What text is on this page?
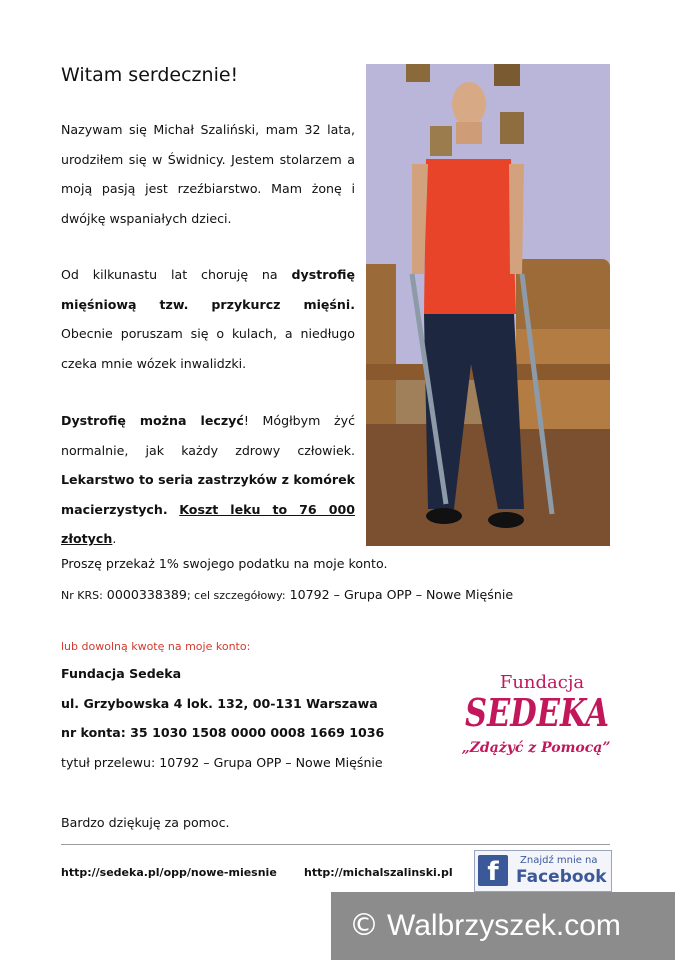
Witam serdecznie!
Nazywam się Michał Szaliński, mam 32 lata, urodziłem się w Świdnicy. Jestem stolarzem a moją pasją jest rzeźbiarstwo. Mam żonę i dwójkę wspaniałych dzieci.
Od kilkunastu lat choruję na dystrofię mięśniową tzw. przykurcz mięśni. Obecnie poruszam się o kulach, a niedługo czeka mnie wózek inwalidzki.
Dystrofię można leczyć! Mógłbym żyć normalnie, jak każdy zdrowy człowiek. Lekarstwo to seria zastrzyków z komórek macierzystych. Koszt leku to 76 000 złotych.
Proszę przekaż 1% swojego podatku na moje konto.
Nr KRS: 0000338389; cel szczegółowy: 10792 – Grupa OPP – Nowe Mięśnie
lub dowolną kwotę na moje konto:
Fundacja Sedeka
ul. Grzybowska 4 lok. 132, 00-131 Warszawa
nr konta: 35 1030 1508 0000 0008 1669 1036
tytuł przelewu: 10792 – Grupa OPP – Nowe Mięśnie
Fundacja
SEDEKA
„Zdążyć z Pomocą”
Bardzo dziękuję za pomoc.
http://sedeka.pl/opp/nowe-miesnie http://michalszalinski.pl	f	Znajdź mnie na
Facebook
© Walbrzyszek.com
